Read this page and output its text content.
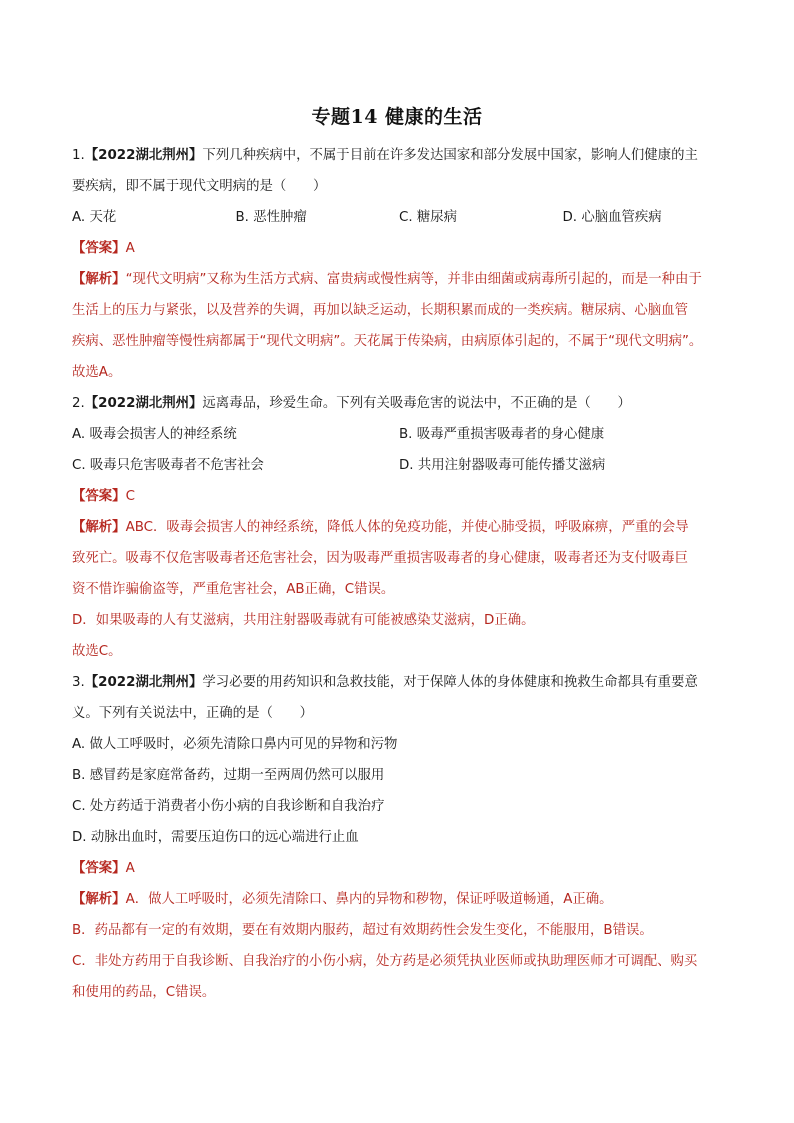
专题14 健康的生活

1.【2022湖北荆州】下列几种疾病中，不属于目前在许多发达国家和部分发展中国家，影响人们健康的主

要疾病，即不属于现代文明病的是（　　）

A. 天花	B. 恶性肿瘤	C. 糖尿病	D. 心脑血管疾病

【答案】A

【解析】“现代文明病”又称为生活方式病、富贵病或慢性病等，并非由细菌或病毒所引起的，而是一种由于

生活上的压力与紧张，以及营养的失调，再加以缺乏运动，长期积累而成的一类疾病。糖尿病、心脑血管

疾病、恶性肿瘤等慢性病都属于“现代文明病”。天花属于传染病，由病原体引起的，不属于“现代文明病”。

故选A。

2.【2022湖北荆州】远离毒品，珍爱生命。下列有关吸毒危害的说法中，不正确的是（　　）

A. 吸毒会损害人的神经系统	B. 吸毒严重损害吸毒者的身心健康
C. 吸毒只危害吸毒者不危害社会	D. 共用注射器吸毒可能传播艾滋病

【答案】C

【解析】ABC．吸毒会损害人的神经系统，降低人体的免疫功能，并使心肺受损，呼吸麻痹，严重的会导

致死亡。吸毒不仅危害吸毒者还危害社会，因为吸毒严重损害吸毒者的身心健康，吸毒者还为支付吸毒巨

资不惜诈骗偷盗等，严重危害社会，AB正确，C错误。

D．如果吸毒的人有艾滋病，共用注射器吸毒就有可能被感染艾滋病，D正确。

故选C。

3.【2022湖北荆州】学习必要的用药知识和急救技能，对于保障人体的身体健康和挽救生命都具有重要意

义。下列有关说法中，正确的是（　　）

A. 做人工呼吸时，必须先清除口鼻内可见的异物和污物

B. 感冒药是家庭常备药，过期一至两周仍然可以服用

C. 处方药适于消费者小伤小病的自我诊断和自我治疗

D. 动脉出血时，需要压迫伤口的远心端进行止血

【答案】A

【解析】A．做人工呼吸时，必须先清除口、鼻内的异物和秽物，保证呼吸道畅通，A正确。

B．药品都有一定的有效期，要在有效期内服药，超过有效期药性会发生变化，不能服用，B错误。

C．非处方药用于自我诊断、自我治疗的小伤小病，处方药是必须凭执业医师或执助理医师才可调配、购买

和使用的药品，C错误。
